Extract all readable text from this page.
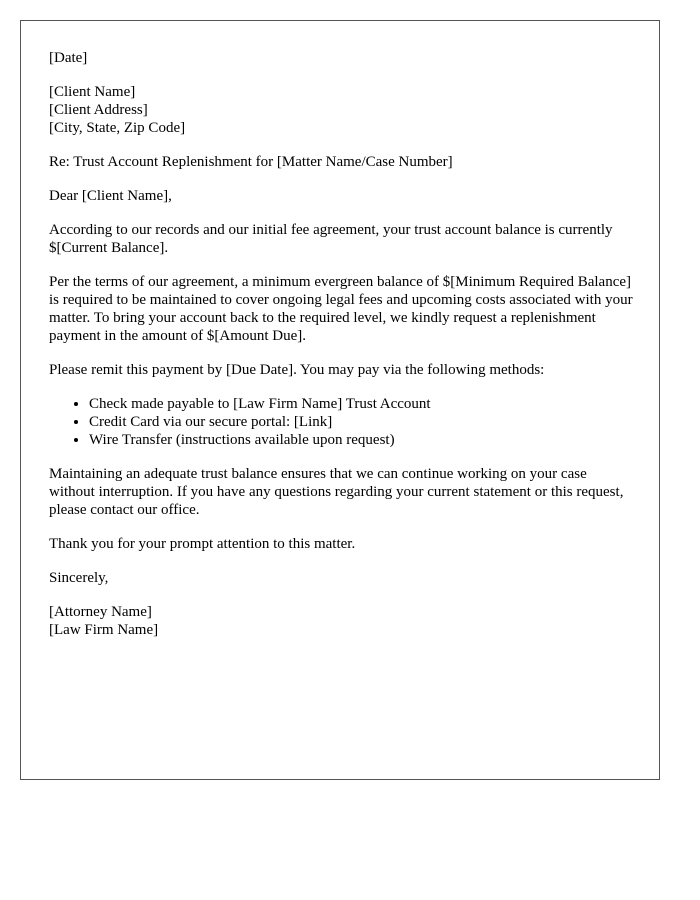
[Date]

[Client Name]
[Client Address]
[City, State, Zip Code]

Re: Trust Account Replenishment for [Matter Name/Case Number]

Dear [Client Name],

According to our records and our initial fee agreement, your trust account balance is currently $[Current Balance].

Per the terms of our agreement, a minimum evergreen balance of $[Minimum Required Balance] is required to be maintained to cover ongoing legal fees and upcoming costs associated with your matter. To bring your account back to the required level, we kindly request a replenishment payment in the amount of $[Amount Due].

Please remit this payment by [Due Date]. You may pay via the following methods:

• Check made payable to [Law Firm Name] Trust Account
• Credit Card via our secure portal: [Link]
• Wire Transfer (instructions available upon request)

Maintaining an adequate trust balance ensures that we can continue working on your case without interruption. If you have any questions regarding your current statement or this request, please contact our office.

Thank you for your prompt attention to this matter.

Sincerely,

[Attorney Name]
[Law Firm Name]
